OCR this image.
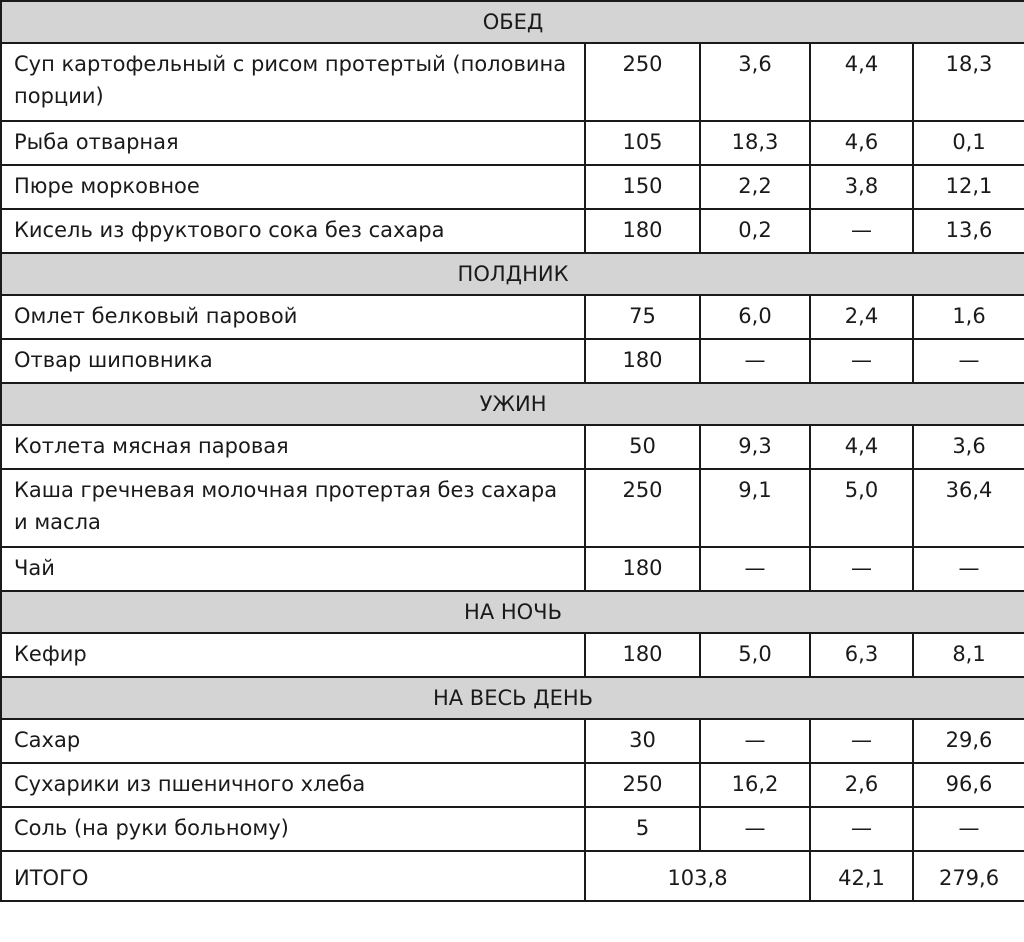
ОБЕД				
Суп картофельный с рисом протертый (половина порции)	250	3,6	4,4	18,3
Рыба отварная	105	18,3	4,6	0,1
Пюре морковное	150	2,2	3,8	12,1
Кисель из фруктового сока без сахара	180	0,2	—	13,6
ПОЛДНИК				
Омлет белковый паровой	75	6,0	2,4	1,6
Отвар шиповника	180	—	—	—
УЖИН				
Котлета мясная паровая	50	9,3	4,4	3,6
Каша гречневая молочная протертая без сахара и масла	250	9,1	5,0	36,4
Чай	180	—	—	—
НА НОЧЬ				
Кефир	180	5,0	6,3	8,1
НА ВЕСЬ ДЕНЬ				
Сахар	30	—	—	29,6
Сухарики из пшеничного хлеба	250	16,2	2,6	96,6
Соль (на руки больному)	5	—	—	—
ИТОГО	103,8		42,1	279,6
